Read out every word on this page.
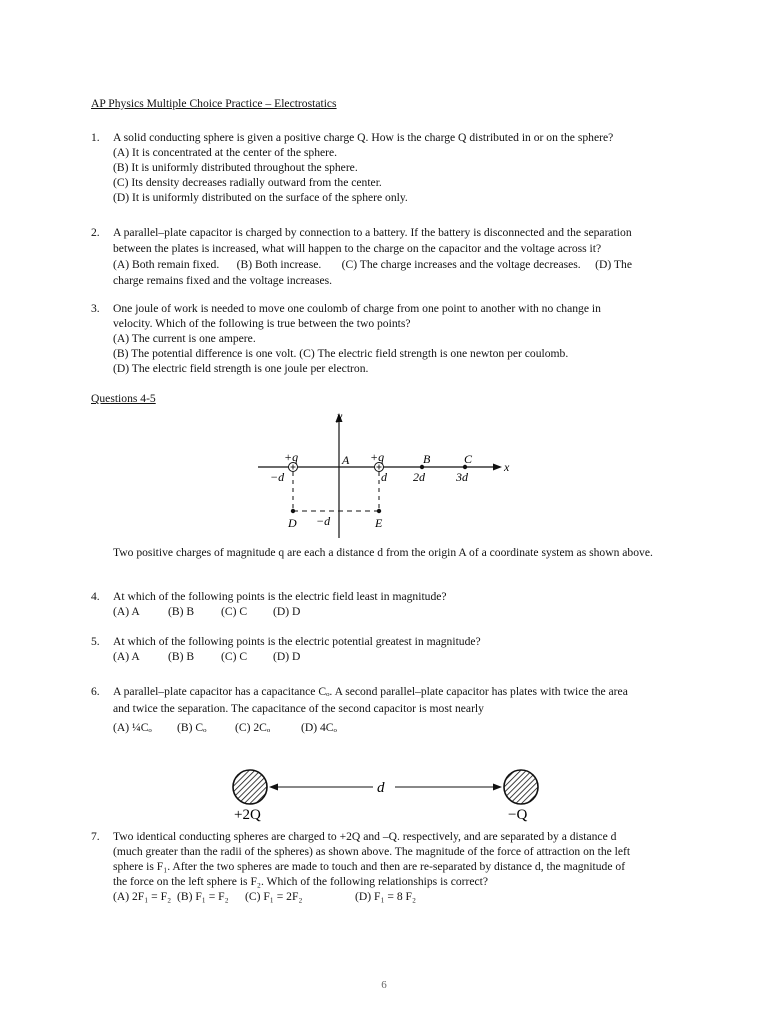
AP Physics Multiple Choice Practice – Electrostatics
1. A solid conducting sphere is given a positive charge Q. How is the charge Q distributed in or on the sphere?
(A) It is concentrated at the center of the sphere.
(B) It is uniformly distributed throughout the sphere.
(C) Its density decreases radially outward from the center.
(D) It is uniformly distributed on the surface of the sphere only.
2. A parallel–plate capacitor is charged by connection to a battery. If the battery is disconnected and the separation
between the plates is increased, what will happen to the charge on the capacitor and the voltage across it?
(A) Both remain fixed.      (B) Both increase.       (C) The charge increases and the voltage decreases.     (D) The
charge remains fixed and the voltage increases.
3. One joule of work is needed to move one coulomb of charge from one point to another with no change in
velocity. Which of the following is true between the two points?
(A) The current is one ampere.
(B) The potential difference is one volt. (C) The electric field strength is one newton per coulomb.
(D) The electric field strength is one joule per electron.
Questions 4-5
y
x
+q
−d
+q
d
A	B
2d
C
3d
D	E
−d
Two positive charges of magnitude q are each a distance d from the origin A of a coordinate system as shown above.
4. At which of the following points is the electric field least in magnitude?
(A) A (B) B (C) C (D) D
5. At which of the following points is the electric potential greatest in magnitude?
(A) A (B) B (C) C (D) D
6. A parallel–plate capacitor has a capacitance Cₒ. A second parallel–plate capacitor has plates with twice the area
and twice the separation. The capacitance of the second capacitor is most nearly
(A) ¼Cₒ (B) Cₒ (C) 2Cₒ	(D) 4Cₒ
d
+2Q	−Q
7. Two identical conducting spheres are charged to +2Q and –Q. respectively, and are separated by a distance d
(much greater than the radii of the spheres) as shown above. The magnitude of the force of attraction on the left
sphere is F₁. After the two spheres are made to touch and then are re-separated by distance d, the magnitude of
the force on the left sphere is F₂. Which of the following relationships is correct?
(A) 2F₁ = F₂ (B) F₁ = F₂ (C) F₁ = 2F₂	(D) F₁ = 8 F₂
6
